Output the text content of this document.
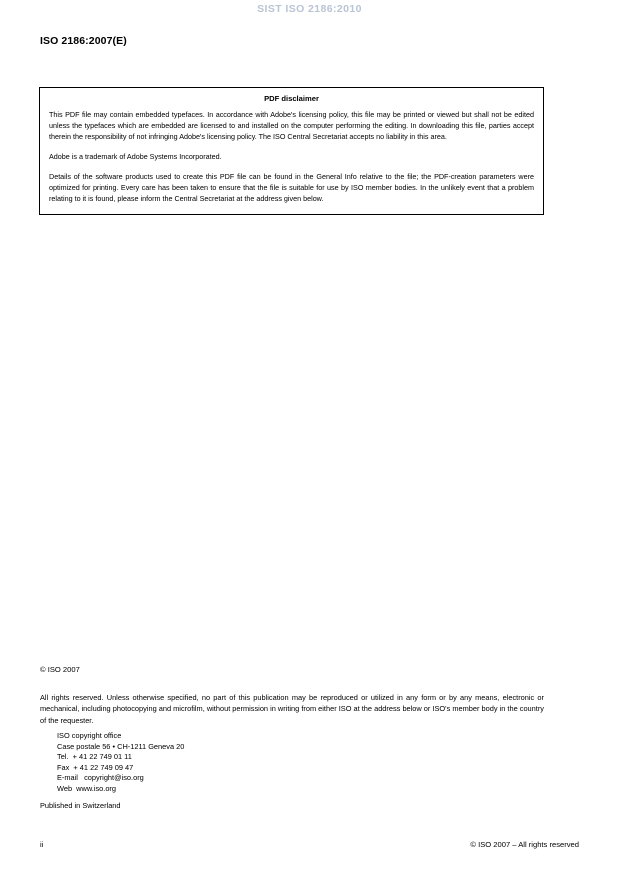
SIST ISO 2186:2010
ISO 2186:2007(E)
PDF disclaimer

This PDF file may contain embedded typefaces. In accordance with Adobe's licensing policy, this file may be printed or viewed but shall not be edited unless the typefaces which are embedded are licensed to and installed on the computer performing the editing. In downloading this file, parties accept therein the responsibility of not infringing Adobe's licensing policy. The ISO Central Secretariat accepts no liability in this area.

Adobe is a trademark of Adobe Systems Incorporated.

Details of the software products used to create this PDF file can be found in the General Info relative to the file; the PDF-creation parameters were optimized for printing. Every care has been taken to ensure that the file is suitable for use by ISO member bodies. In the unlikely event that a problem relating to it is found, please inform the Central Secretariat at the address given below.

© ISO 2007
All rights reserved. Unless otherwise specified, no part of this publication may be reproduced or utilized in any form or by any means, electronic or mechanical, including photocopying and microfilm, without permission in writing from either ISO at the address below or ISO's member body in the country of the requester.
ISO copyright office
Case postale 56 • CH-1211 Geneva 20
Tel.  + 41 22 749 01 11
Fax  + 41 22 749 09 47
E-mail   copyright@iso.org
Web  www.iso.org
Published in Switzerland
ii	© ISO 2007 – All rights reserved
